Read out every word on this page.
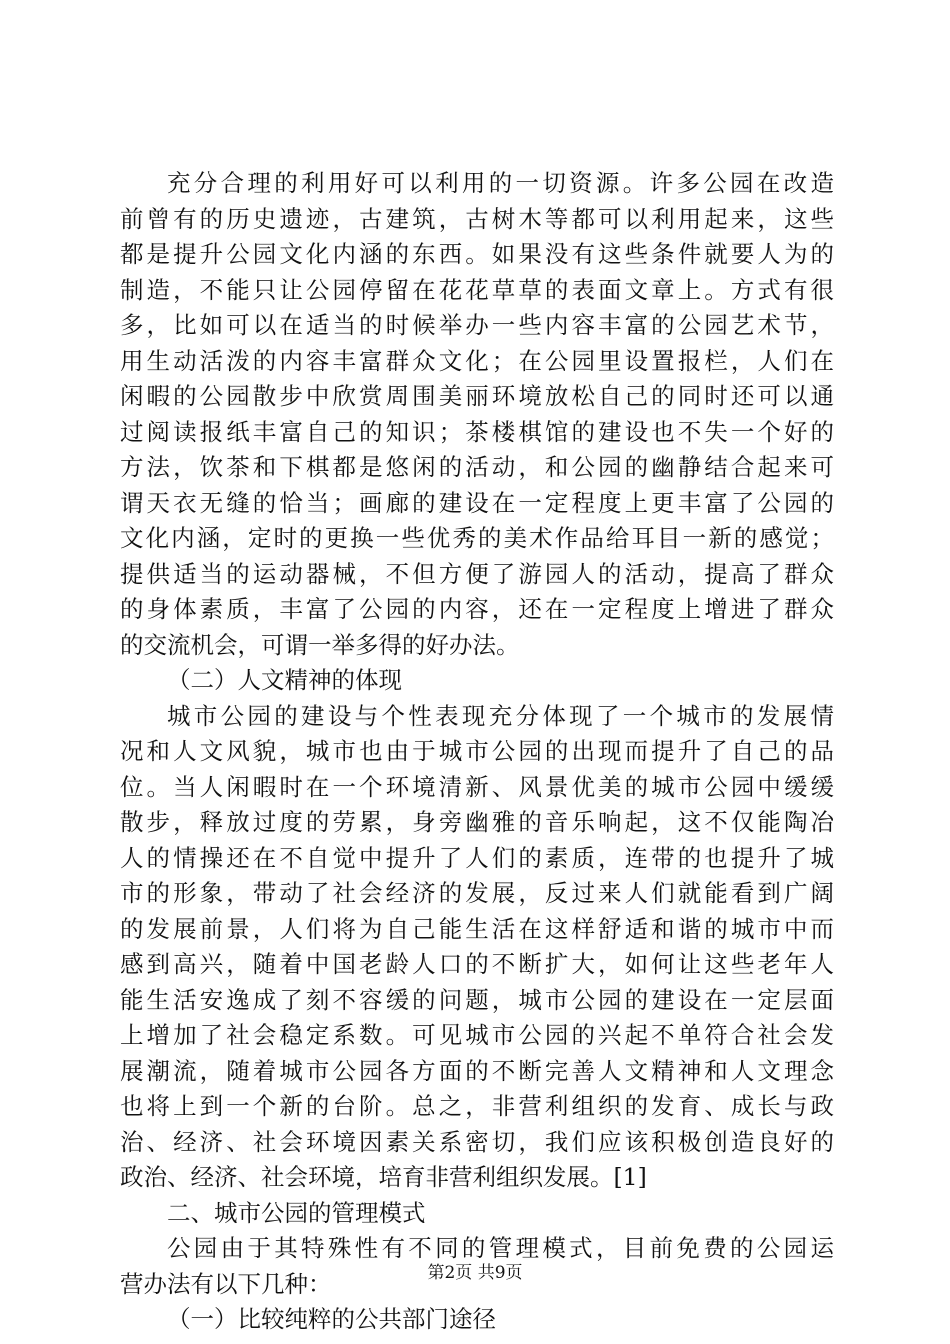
充分合理的利用好可以利用的一切资源。许多公园在改造
前曾有的历史遗迹，古建筑，古树木等都可以利用起来，这些
都是提升公园文化内涵的东西。如果没有这些条件就要人为的
制造，不能只让公园停留在花花草草的表面文章上。方式有很
多，比如可以在适当的时候举办一些内容丰富的公园艺术节，
用生动活泼的内容丰富群众文化；在公园里设置报栏，人们在
闲暇的公园散步中欣赏周围美丽环境放松自己的同时还可以通
过阅读报纸丰富自己的知识；茶楼棋馆的建设也不失一个好的
方法，饮茶和下棋都是悠闲的活动，和公园的幽静结合起来可
谓天衣无缝的恰当；画廊的建设在一定程度上更丰富了公园的
文化内涵，定时的更换一些优秀的美术作品给耳目一新的感觉；
提供适当的运动器械，不但方便了游园人的活动，提高了群众
的身体素质，丰富了公园的内容，还在一定程度上增进了群众
的交流机会，可谓一举多得的好办法。
（二）人文精神的体现
城市公园的建设与个性表现充分体现了一个城市的发展情
况和人文风貌，城市也由于城市公园的出现而提升了自己的品
位。当人闲暇时在一个环境清新、风景优美的城市公园中缓缓
散步，释放过度的劳累，身旁幽雅的音乐响起，这不仅能陶冶
人的情操还在不自觉中提升了人们的素质，连带的也提升了城
市的形象，带动了社会经济的发展，反过来人们就能看到广阔
的发展前景，人们将为自己能生活在这样舒适和谐的城市中而
感到高兴，随着中国老龄人口的不断扩大，如何让这些老年人
能生活安逸成了刻不容缓的问题，城市公园的建设在一定层面
上增加了社会稳定系数。可见城市公园的兴起不单符合社会发
展潮流，随着城市公园各方面的不断完善人文精神和人文理念
也将上到一个新的台阶。总之，非营利组织的发育、成长与政
治、经济、社会环境因素关系密切，我们应该积极创造良好的
政治、经济、社会环境，培育非营利组织发展。[1]
二、城市公园的管理模式
公园由于其特殊性有不同的管理模式，目前免费的公园运
营办法有以下几种：
（一）比较纯粹的公共部门途径
第2页 共9页
